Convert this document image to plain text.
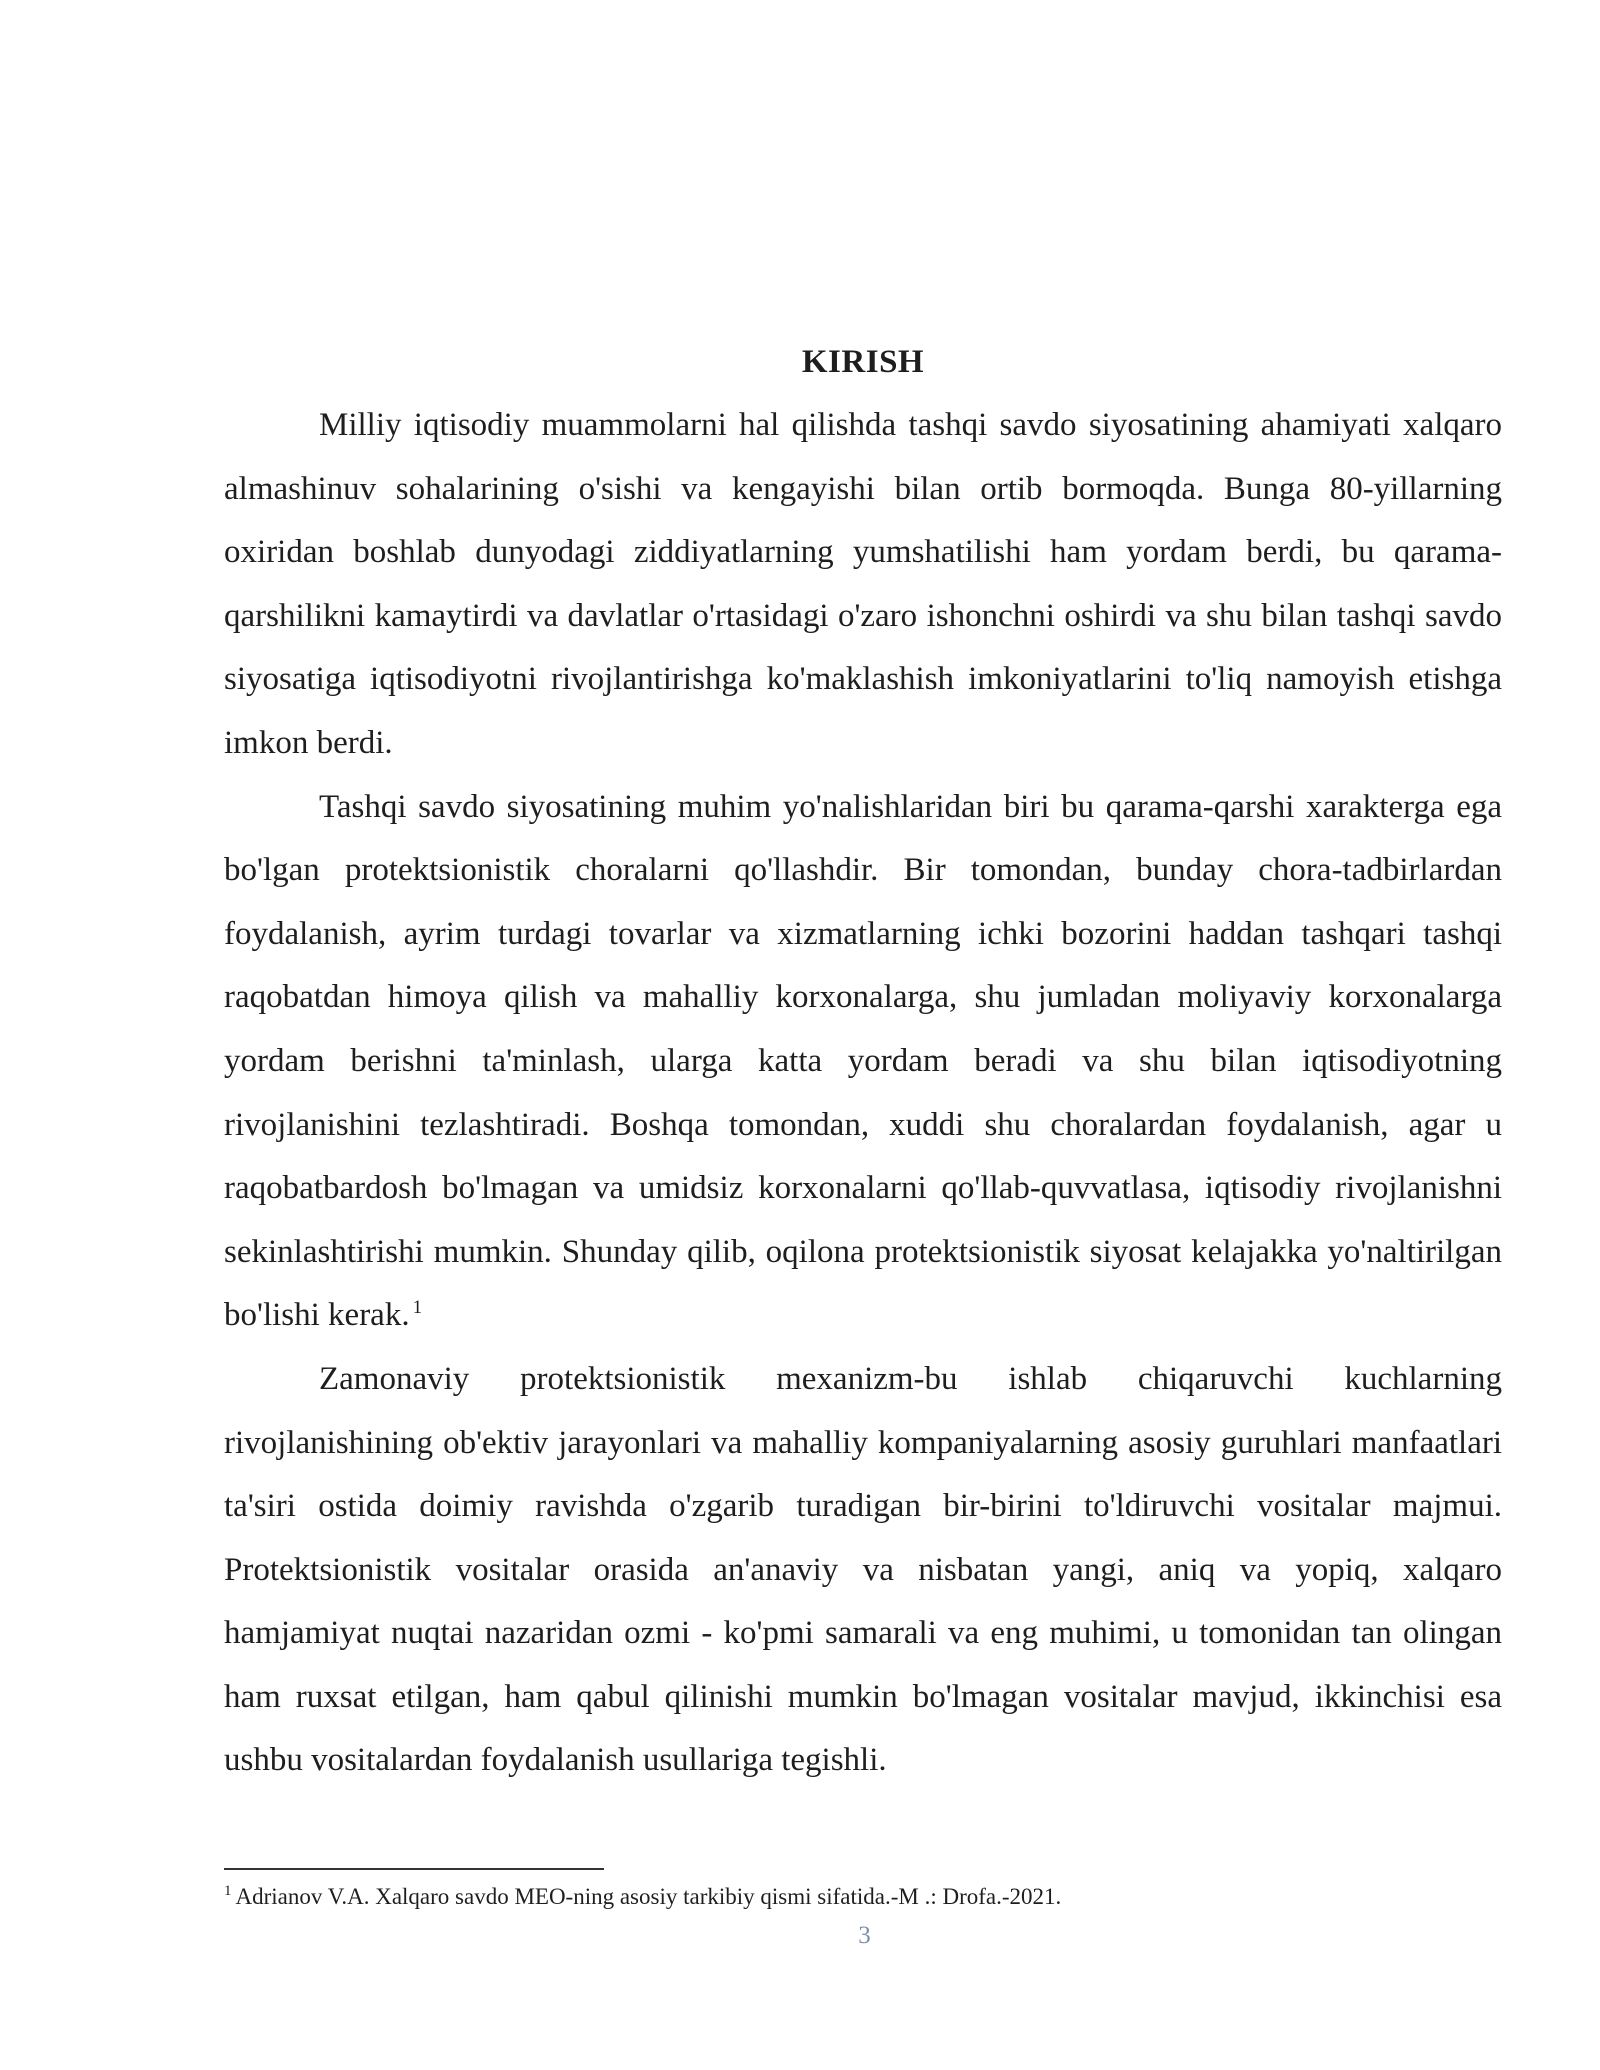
KIRISH

Milliy iqtisodiy muammolarni hal qilishda tashqi savdo siyosatining ahamiyati xalqaro almashinuv sohalarining o'sishi va kengayishi bilan ortib bormoqda. Bunga 80-yillarning oxiridan boshlab dunyodagi ziddiyatlarning yumshatilishi ham yordam berdi, bu qarama-qarshilikni kamaytirdi va davlatlar o'rtasidagi o'zaro ishonchni oshirdi va shu bilan tashqi savdo siyosatiga iqtisodiyotni rivojlantirishga ko'maklashish imkoniyatlarini to'liq namoyish etishga imkon berdi.

Tashqi savdo siyosatining muhim yo'nalishlaridan biri bu qarama-qarshi xarakterga ega bo'lgan protektsionistik choralarni qo'llashdir. Bir tomondan, bunday chora-tadbirlardan foydalanish, ayrim turdagi tovarlar va xizmatlarning ichki bozorini haddan tashqari tashqi raqobatdan himoya qilish va mahalliy korxonalarga, shu jumladan moliyaviy korxonalarga yordam berishni ta'minlash, ularga katta yordam beradi va shu bilan iqtisodiyotning rivojlanishini tezlashtiradi. Boshqa tomondan, xuddi shu choralardan foydalanish, agar u raqobatbardosh bo'lmagan va umidsiz korxonalarni qo'llab-quvvatlasa, iqtisodiy rivojlanishni sekinlashtirishi mumkin. Shunday qilib, oqilona protektsionistik siyosat kelajakka yo'naltirilgan bo'lishi kerak. $^1$

Zamonaviy protektsionistik mexanizm-bu ishlab chiqaruvchi kuchlarning rivojlanishining ob'ektiv jarayonlari va mahalliy kompaniyalarning asosiy guruhlari manfaatlari ta'siri ostida doimiy ravishda o'zgarib turadigan bir-birini to'ldiruvchi vositalar majmui. Protektsionistik vositalar orasida an'anaviy va nisbatan yangi, aniq va yopiq, xalqaro hamjamiyat nuqtai nazaridan ozmi - ko'pmi samarali va eng muhimi, u tomonidan tan olingan ham ruxsat etilgan, ham qabul qilinishi mumkin bo'lmagan vositalar mavjud, ikkinchisi esa ushbu vositalardan foydalanish usullariga tegishli.

$^1$ Adrianov V.A. Xalqaro savdo MEO-ning asosiy tarkibiy qismi sifatida.-M .: Drofa.-2021.

3
